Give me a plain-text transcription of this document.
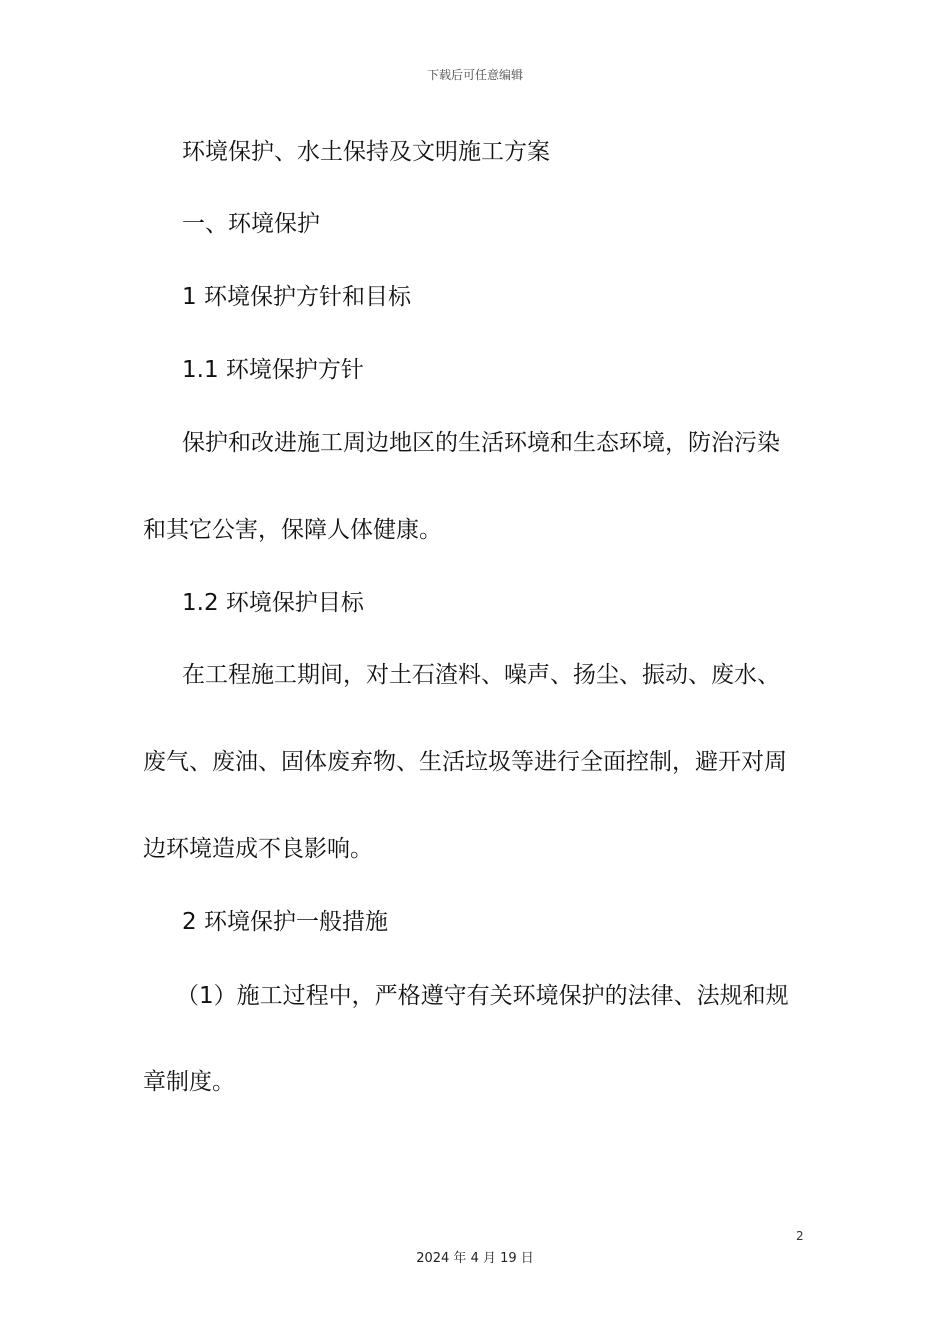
下载后可任意编辑
环境保护、水土保持及文明施工方案
一、环境保护
1 环境保护方针和目标
1.1 环境保护方针
保护和改进施工周边地区的生活环境和生态环境，防治污染
和其它公害，保障人体健康。
1.2 环境保护目标
在工程施工期间，对土石渣料、噪声、扬尘、振动、废水、
废气、废油、固体废弃物、生活垃圾等进行全面控制，避开对周
边环境造成不良影响。
2 环境保护一般措施
（1）施工过程中，严格遵守有关环境保护的法律、法规和规
章制度。
2
2024 年 4 月 19 日
